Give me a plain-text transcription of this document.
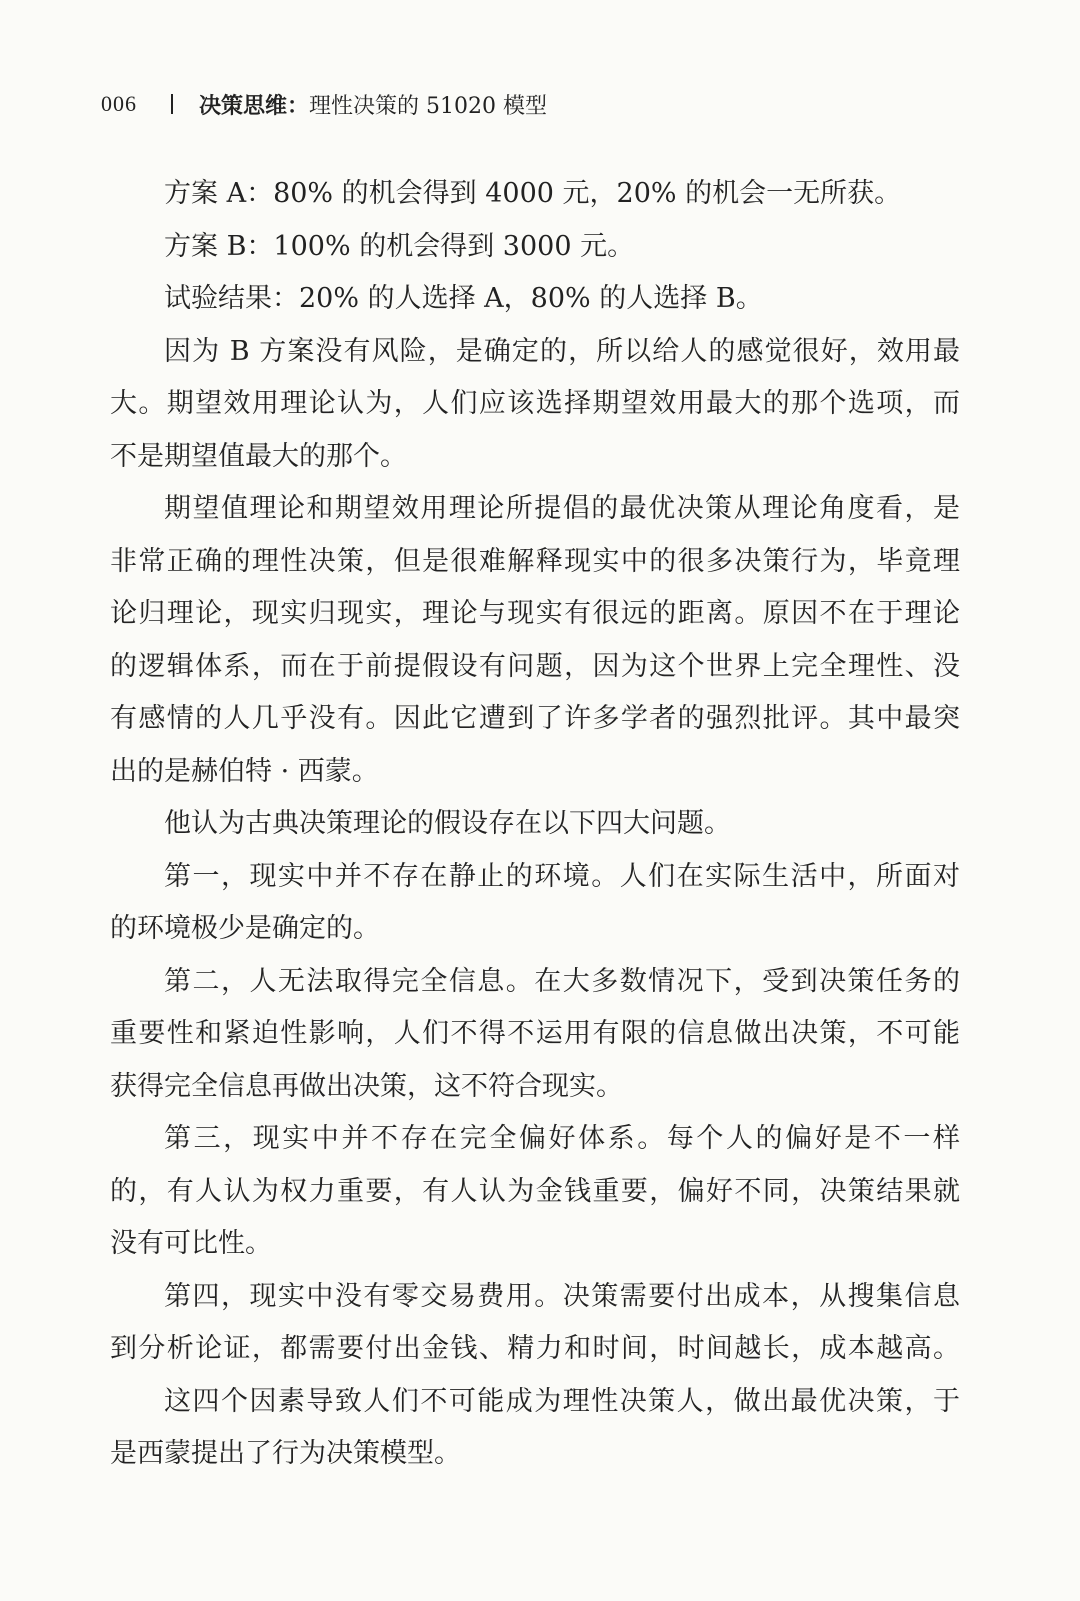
006	决策思维：理性决策的 51020 模型
方案 A：80% 的机会得到 4000 元，20% 的机会一无所获。
方案 B：100% 的机会得到 3000 元。
试验结果：20% 的人选择 A，80% 的人选择 B。
因为 B 方案没有风险，是确定的，所以给人的感觉很好，效用最
大。期望效用理论认为，人们应该选择期望效用最大的那个选项，而
不是期望值最大的那个。
期望值理论和期望效用理论所提倡的最优决策从理论角度看，是
非常正确的理性决策，但是很难解释现实中的很多决策行为，毕竟理
论归理论，现实归现实，理论与现实有很远的距离。原因不在于理论
的逻辑体系，而在于前提假设有问题，因为这个世界上完全理性、没
有感情的人几乎没有。因此它遭到了许多学者的强烈批评。其中最突
出的是赫伯特 · 西蒙。
他认为古典决策理论的假设存在以下四大问题。
第一，现实中并不存在静止的环境。人们在实际生活中，所面对
的环境极少是确定的。
第二，人无法取得完全信息。在大多数情况下，受到决策任务的
重要性和紧迫性影响，人们不得不运用有限的信息做出决策，不可能
获得完全信息再做出决策，这不符合现实。
第三，现实中并不存在完全偏好体系。每个人的偏好是不一样
的，有人认为权力重要，有人认为金钱重要，偏好不同，决策结果就
没有可比性。
第四，现实中没有零交易费用。决策需要付出成本，从搜集信息
到分析论证，都需要付出金钱、精力和时间，时间越长，成本越高。
这四个因素导致人们不可能成为理性决策人，做出最优决策，于
是西蒙提出了行为决策模型。
